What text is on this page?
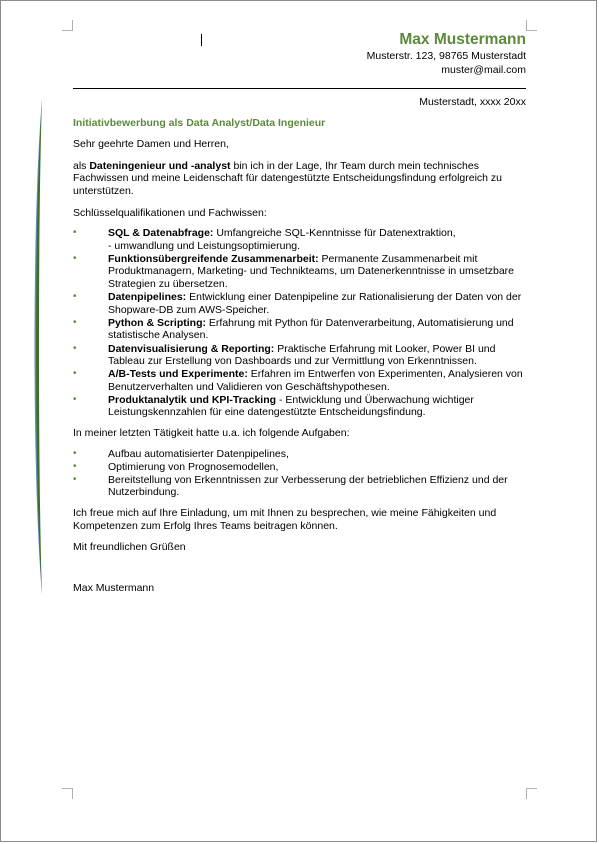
Max Mustermann
Musterstr. 123, 98765 Musterstadt
muster@mail.com

Musterstadt, xxxx 20xx

Initiativbewerbung als Data Analyst/Data Ingenieur

Sehr geehrte Damen und Herren,

als Dateningenieur und -analyst bin ich in der Lage, Ihr Team durch mein technisches Fachwissen und meine Leidenschaft für datengestützte Entscheidungsfindung erfolgreich zu unterstützen.

Schlüsselqualifikationen und Fachwissen:

•	SQL & Datenabfrage: Umfangreiche SQL-Kenntnisse für Datenextraktion,
- umwandlung und Leistungsoptimierung.
•	Funktionsübergreifende Zusammenarbeit: Permanente Zusammenarbeit mit Produktmanagern, Marketing- und Technikteams, um Datenerkenntnisse in umsetzbare Strategien zu übersetzen.
•	Datenpipelines: Entwicklung einer Datenpipeline zur Rationalisierung der Daten von der Shopware-DB zum AWS-Speicher.
•	Python & Scripting: Erfahrung mit Python für Datenverarbeitung, Automatisierung und statistische Analysen.
•	Datenvisualisierung & Reporting: Praktische Erfahrung mit Looker, Power BI und Tableau zur Erstellung von Dashboards und zur Vermittlung von Erkenntnissen.
•	A/B-Tests und Experimente: Erfahren im Entwerfen von Experimenten, Analysieren von Benutzerverhalten und Validieren von Geschäftshypothesen.
•	Produktanalytik und KPI-Tracking - Entwicklung und Überwachung wichtiger Leistungskennzahlen für eine datengestützte Entscheidungsfindung.

In meiner letzten Tätigkeit hatte u.a. ich folgende Aufgaben:

•	Aufbau automatisierter Datenpipelines,
•	Optimierung von Prognosemodellen,
•	Bereitstellung von Erkenntnissen zur Verbesserung der betrieblichen Effizienz und der Nutzerbindung.

Ich freue mich auf Ihre Einladung, um mit Ihnen zu besprechen, wie meine Fähigkeiten und Kompetenzen zum Erfolg Ihres Teams beitragen können.

Mit freundlichen Grüßen

Max Mustermann
